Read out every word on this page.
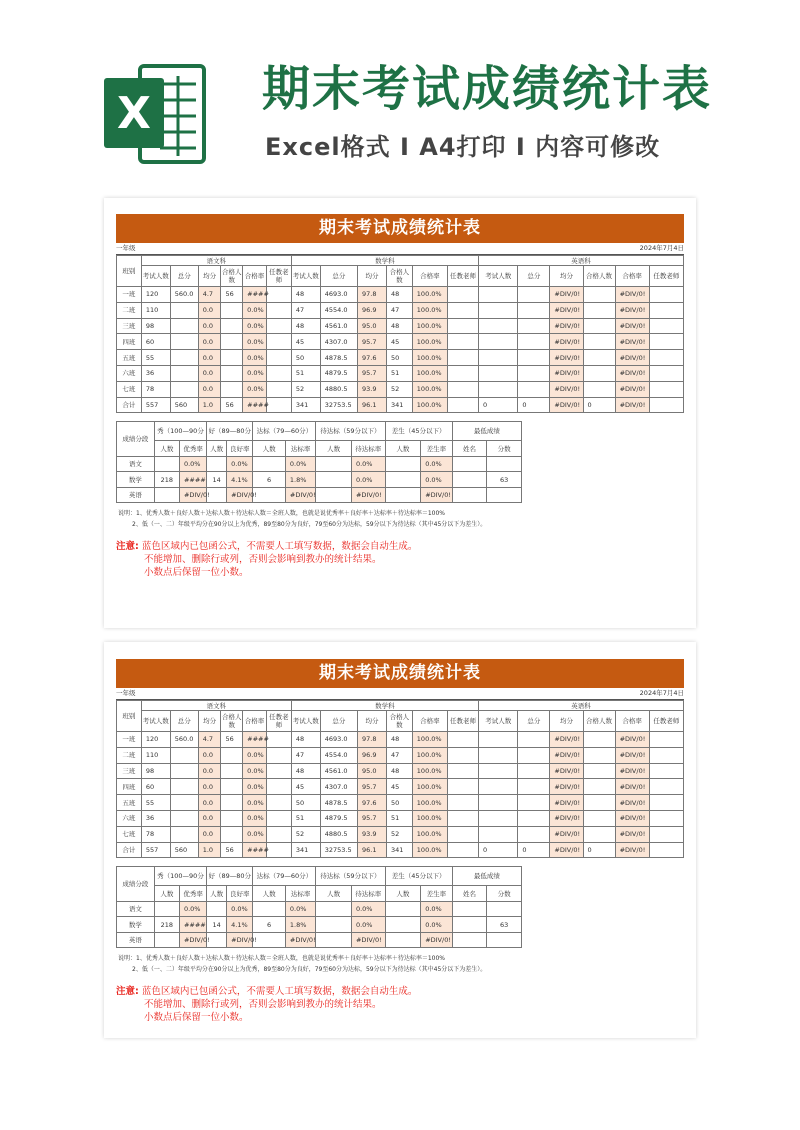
X 期末考试成绩统计表
Excel格式 I A4打印 I 内容可修改
期末考试成绩统计表
一年级	2024年7月4日
班别	语文科						数学科						英语科					
	考试人数	总分	均分	合格人数	合格率	任教老师	考试人数	总分	均分	合格人数	合格率	任教老师	考试人数	总分	均分	合格人数	合格率	任教老师
一班	120	560.0	4.7	56	####		48	4693.0	97.8	48	100.0%				#DIV/0!		#DIV/0!	
二班	110		0.0		0.0%		47	4554.0	96.9	47	100.0%				#DIV/0!		#DIV/0!	
三班	98		0.0		0.0%		48	4561.0	95.0	48	100.0%				#DIV/0!		#DIV/0!	
四班	60		0.0		0.0%		45	4307.0	95.7	45	100.0%				#DIV/0!		#DIV/0!	
五班	55		0.0		0.0%		50	4878.5	97.6	50	100.0%				#DIV/0!		#DIV/0!	
六班	36		0.0		0.0%		51	4879.5	95.7	51	100.0%				#DIV/0!		#DIV/0!	
七班	78		0.0		0.0%		52	4880.5	93.9	52	100.0%				#DIV/0!		#DIV/0!	
合计	557	560	1.0	56	####		341	32753.5	96.1	341	100.0%		0	0	#DIV/0!	0	#DIV/0!	
成绩分段	秀（100—90分		好（89—80分		达标（79—60分）		待达标（59分以下）		差生（45分以下）		最低成绩	
	人数	优秀率	人数	良好率	人数	达标率	人数	待达标率	人数	差生率	姓名	分数
语文		0.0%		0.0%		0.0%		0.0%		0.0%		
数学	218	####	14	4.1%	6	1.8%		0.0%		0.0%		63
英语		#DIV/0!		#DIV/0!		#DIV/0!		#DIV/0!		#DIV/0!		
说明：1、优秀人数＋良好人数＋达标人数＋待达标人数＝全班人数，也就是说优秀率＋良好率＋达标率＋待达标率＝100%
2、低（一、二）年级平均分在90分以上为优秀，89至80分为良好，79至60分为达标，59分以下为待达标（其中45分以下为差生）。
注意: 蓝色区域内已包函公式，不需要人工填写数据，数据会自动生成。
不能增加、删除行或列，否则会影响到教办的统计结果。
小数点后保留一位小数。
期末考试成绩统计表
一年级	2024年7月4日
班别	语文科						数学科						英语科					
	考试人数	总分	均分	合格人数	合格率	任教老师	考试人数	总分	均分	合格人数	合格率	任教老师	考试人数	总分	均分	合格人数	合格率	任教老师
一班	120	560.0	4.7	56	####		48	4693.0	97.8	48	100.0%				#DIV/0!		#DIV/0!	
二班	110		0.0		0.0%		47	4554.0	96.9	47	100.0%				#DIV/0!		#DIV/0!	
三班	98		0.0		0.0%		48	4561.0	95.0	48	100.0%				#DIV/0!		#DIV/0!	
四班	60		0.0		0.0%		45	4307.0	95.7	45	100.0%				#DIV/0!		#DIV/0!	
五班	55		0.0		0.0%		50	4878.5	97.6	50	100.0%				#DIV/0!		#DIV/0!	
六班	36		0.0		0.0%		51	4879.5	95.7	51	100.0%				#DIV/0!		#DIV/0!	
七班	78		0.0		0.0%		52	4880.5	93.9	52	100.0%				#DIV/0!		#DIV/0!	
合计	557	560	1.0	56	####		341	32753.5	96.1	341	100.0%		0	0	#DIV/0!	0	#DIV/0!	
成绩分段	秀（100—90分		好（89—80分		达标（79—60分）		待达标（59分以下）		差生（45分以下）		最低成绩	
	人数	优秀率	人数	良好率	人数	达标率	人数	待达标率	人数	差生率	姓名	分数
语文		0.0%		0.0%		0.0%		0.0%		0.0%		
数学	218	####	14	4.1%	6	1.8%		0.0%		0.0%		63
英语		#DIV/0!		#DIV/0!		#DIV/0!		#DIV/0!		#DIV/0!		
说明：1、优秀人数＋良好人数＋达标人数＋待达标人数＝全班人数，也就是说优秀率＋良好率＋达标率＋待达标率＝100%
2、低（一、二）年级平均分在90分以上为优秀，89至80分为良好，79至60分为达标，59分以下为待达标（其中45分以下为差生）。
注意: 蓝色区域内已包函公式，不需要人工填写数据，数据会自动生成。
不能增加、删除行或列，否则会影响到教办的统计结果。
小数点后保留一位小数。
